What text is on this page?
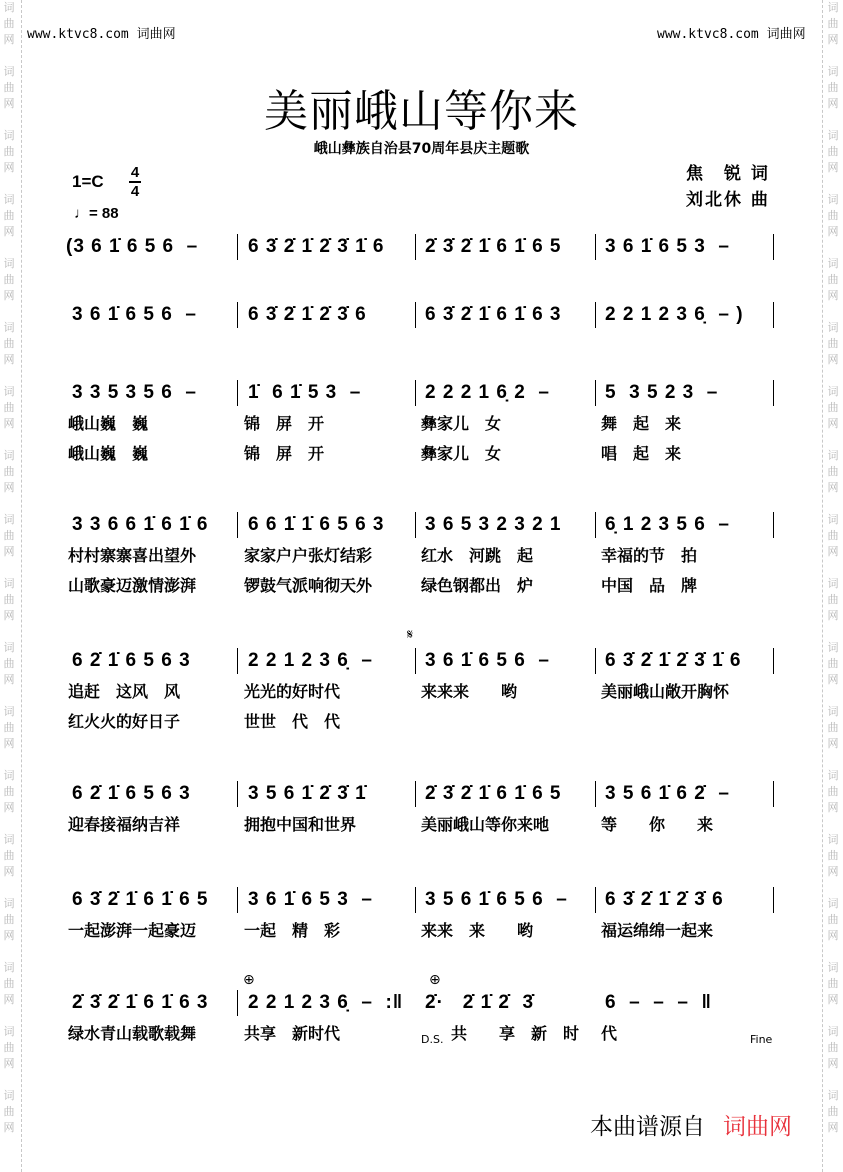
词
曲
网
词
曲
网
词
曲
网
词
曲
网
词
曲
网
词
曲
网
词
曲
网
词
曲
网
词
曲
网
词
曲
网
词
曲
网
词
曲
网
词
曲
网
词
曲
网
词
曲
网
词
曲
网
词
曲
网
词
曲
网
词
曲
网
词
曲
网
词
曲
网
词
曲
网
词
曲
网
词
曲
网
词
曲
网
词
曲
网
词
曲
网
词
曲
网
词
曲
网
词
曲
网
词
曲
网
词
曲
网
词
曲
网
词
曲
网
词
曲
网
词
曲
网
www.ktvc8.com 词曲网	www.ktvc8.com 词曲网
美丽峨山等你来
峨山彝族自治县70周年县庆主题歌
1=C 4
4
♩= 88
焦　锐 词
刘北休 曲
(3 6 1̇ 6 5 6  –	6 3̇ 2̇ 1̇ 2̇ 3̇ 1̇ 6 2̇ 3̇ 2̇ 1̇ 6 1̇ 6 5 3 6 1̇ 6 5 3  –
3 6 1̇ 6 5 6  –	6 3̇ 2̇ 1̇ 2̇ 3̇ 6	6 3̇ 2̇ 1̇ 6 1̇ 6 3 2 2 1 2 3 6̣  – )
3 3 5 3 5 6  –
峨山巍　巍
峨山巍　巍
1̇  6 1̇ 5 3  –
锦　屏　开
锦　屏　开
2 2 2 1 6̣ 2  –
彝家儿　女
彝家儿　女
5  3 5 2 3  –
舞　起　来
唱　起　来
3 3 6 6 1̇ 6 1̇ 6
村村寨寨喜出望外
山歌豪迈激情澎湃
6 6 1̇ 1̇ 6 5 6 3
家家户户张灯结彩
锣鼓气派响彻天外
3 6 5 3 2 3 2 1
红水　河跳　起
绿色钢都出　炉
6̣ 1 2 3 5 6  –
幸福的节　拍
中国　品　牌
6 2̇ 1̇ 6 5 6 3
追赶　这风　风
红火火的好日子
2 2 1 2 3 6̣  –
光光的好时代
世世　代　代
3 6 1̇ 6 5 6  –
来来来　　哟
6 3̇ 2̇ 1̇ 2̇ 3̇ 1̇ 6
美丽峨山敞开胸怀
6 2̇ 1̇ 6 5 6 3
迎春接福纳吉祥
3 5 6 1̇ 2̇ 3̇ 1̇
拥抱中国和世界
2̇ 3̇ 2̇ 1̇ 6 1̇ 6 5
美丽峨山等你来吔
3 5 6 1̇ 6 2̇  –
等　　你　　来
6 3̇ 2̇ 1̇ 6 1̇ 6 5
一起澎湃一起豪迈
3 6 1̇ 6 5 3  –
一起　精　彩
3 5 6 1̇ 6 5 6  –
来来　来　　哟
6 3̇ 2̇ 1̇ 2̇ 3̇ 6
福运绵绵一起来
2̇ 3̇ 2̇ 1̇ 6 1̇ 6 3
绿水青山载歌载舞
2 2 1 2 3 6̣  –  :‖
共享　新时代
2̇·   2̇ 1̇ 2̇  3̇
共　　享　新　时
6  –  –  –  ‖
代
𝄋
⊕	⊕
D.S.	Fine
本曲谱源自 词曲网
